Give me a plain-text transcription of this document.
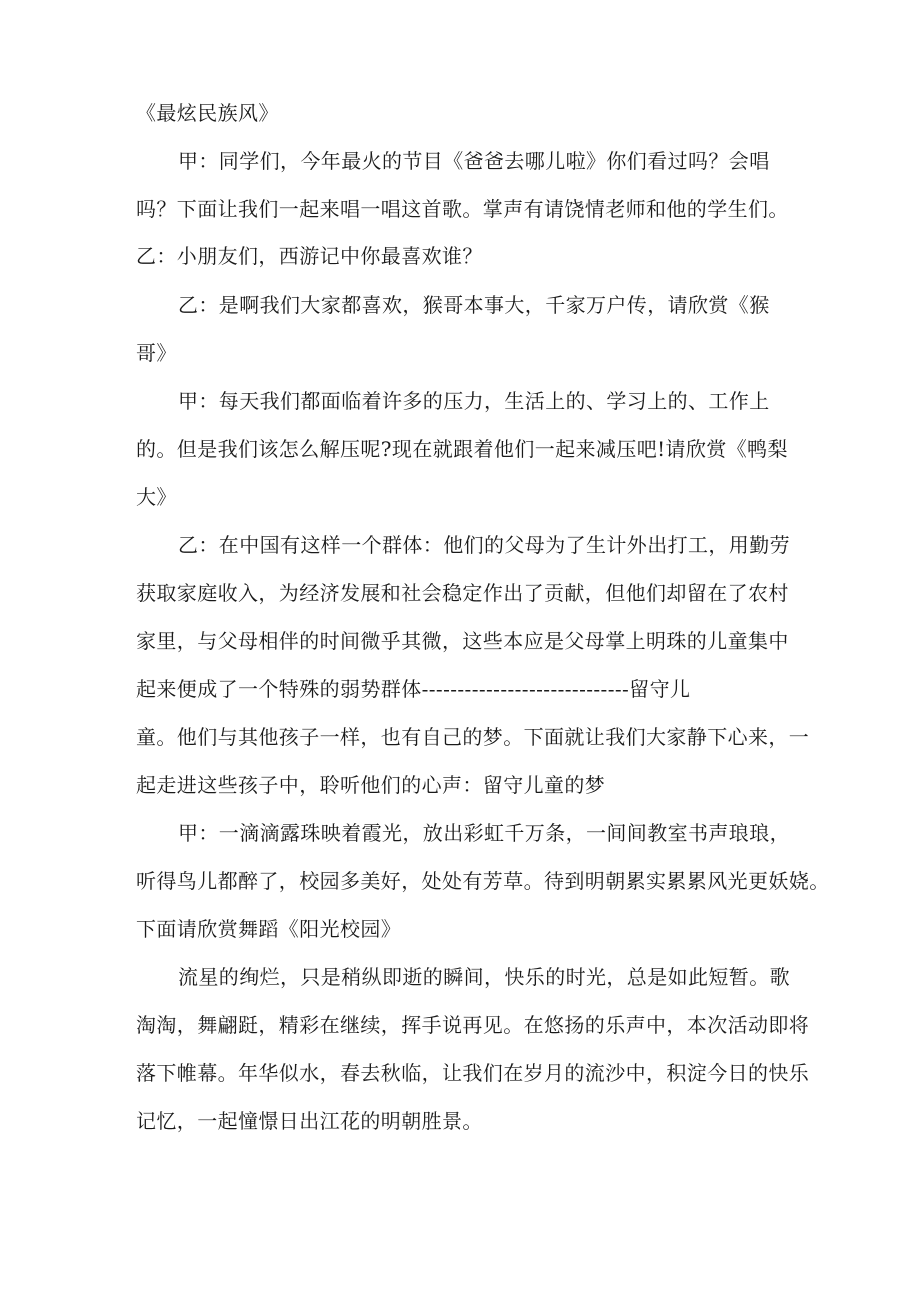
《最炫民族风》
甲：同学们，今年最火的节目《爸爸去哪儿啦》你们看过吗？会唱
吗？下面让我们一起来唱一唱这首歌。掌声有请饶情老师和他的学生们。
乙：小朋友们，西游记中你最喜欢谁？
乙：是啊我们大家都喜欢，猴哥本事大，千家万户传，请欣赏《猴
哥》
甲：每天我们都面临着许多的压力，生活上的、学习上的、工作上
的。但是我们该怎么解压呢?现在就跟着他们一起来减压吧!请欣赏《鸭梨
大》
乙：在中国有这样一个群体：他们的父母为了生计外出打工，用勤劳
获取家庭收入，为经济发展和社会稳定作出了贡献，但他们却留在了农村
家里，与父母相伴的时间微乎其微，这些本应是父母掌上明珠的儿童集中
起来便成了一个特殊的弱势群体-----------------------------留守儿
童。他们与其他孩子一样，也有自己的梦。下面就让我们大家静下心来，一
起走进这些孩子中，聆听他们的心声：留守儿童的梦
甲：一滴滴露珠映着霞光，放出彩虹千万条，一间间教室书声琅琅，
听得鸟儿都醉了，校园多美好，处处有芳草。待到明朝累实累累风光更妖娆。
下面请欣赏舞蹈《阳光校园》
流星的绚烂，只是稍纵即逝的瞬间，快乐的时光，总是如此短暂。歌
淘淘，舞翩跹，精彩在继续，挥手说再见。在悠扬的乐声中，本次活动即将
落下帷幕。年华似水，春去秋临，让我们在岁月的流沙中，积淀今日的快乐
记忆，一起憧憬日出江花的明朝胜景。
